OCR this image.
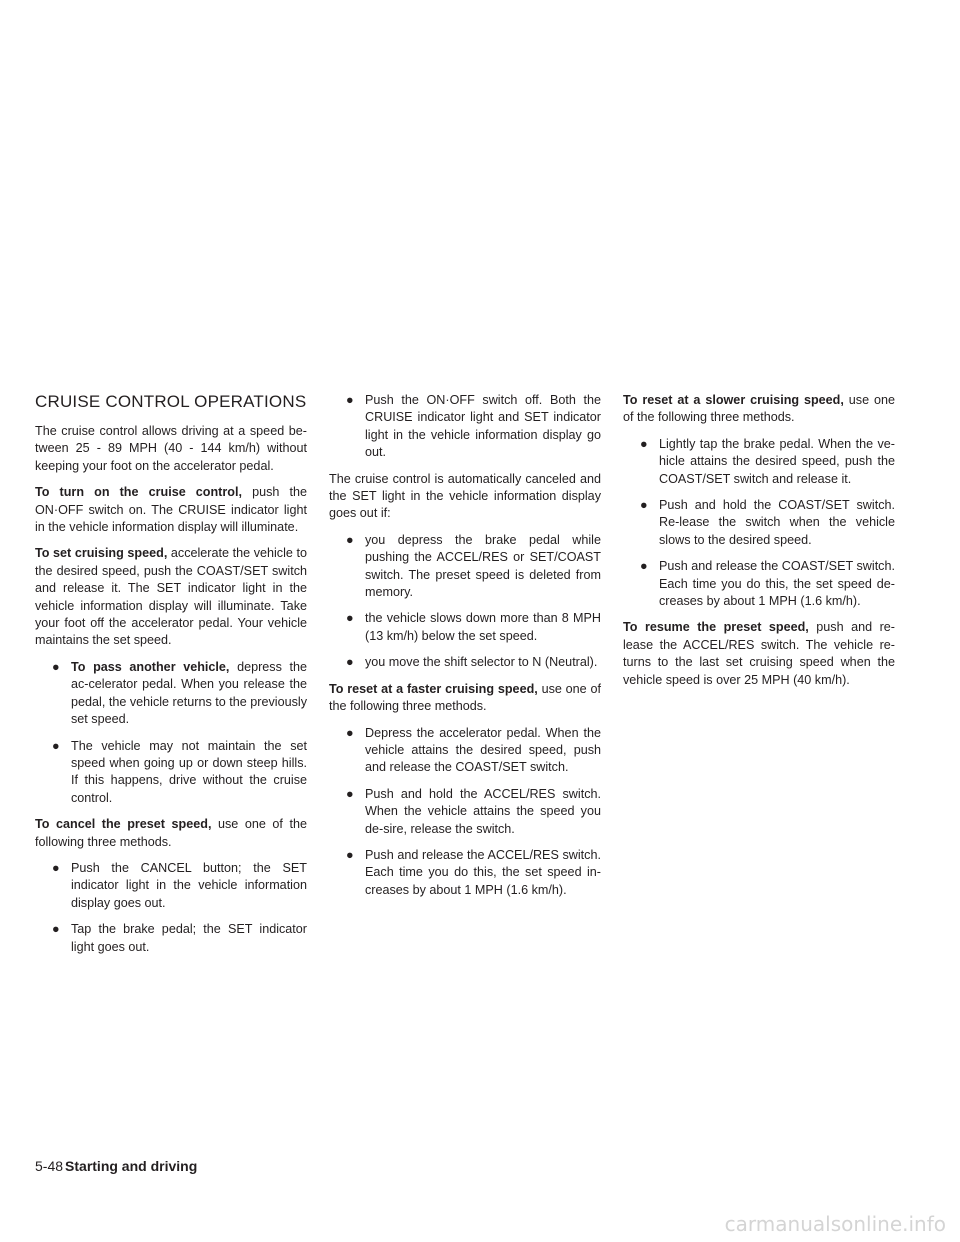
CRUISE CONTROL OPERATIONS

The cruise control allows driving at a speed be-tween 25 - 89 MPH (40 - 144 km/h) without keeping your foot on the accelerator pedal.

To turn on the cruise control, push the ON·OFF switch on. The CRUISE indicator light in the vehicle information display will illuminate.

To set cruising speed, accelerate the vehicle to the desired speed, push the COAST/SET switch and release it. The SET indicator light in the vehicle information display will illuminate. Take your foot off the accelerator pedal. Your vehicle maintains the set speed.

● To pass another vehicle, depress the ac-celerator pedal. When you release the pedal, the vehicle returns to the previously set speed.
● The vehicle may not maintain the set speed when going up or down steep hills. If this happens, drive without the cruise control.

To cancel the preset speed, use one of the following three methods.

● Push the CANCEL button; the SET indicator light in the vehicle information display goes out.
● Tap the brake pedal; the SET indicator light goes out.
● Push the ON·OFF switch off. Both the CRUISE indicator light and SET indicator light in the vehicle information display go out.

The cruise control is automatically canceled and the SET light in the vehicle information display goes out if:

● you depress the brake pedal while pushing the ACCEL/RES or SET/COAST switch. The preset speed is deleted from memory.
● the vehicle slows down more than 8 MPH (13 km/h) below the set speed.
● you move the shift selector to N (Neutral).

To reset at a faster cruising speed, use one of the following three methods.

● Depress the accelerator pedal. When the vehicle attains the desired speed, push and release the COAST/SET switch.
● Push and hold the ACCEL/RES switch. When the vehicle attains the speed you de-sire, release the switch.
● Push and release the ACCEL/RES switch. Each time you do this, the set speed in-creases by about 1 MPH (1.6 km/h).

To reset at a slower cruising speed, use one of the following three methods.

● Lightly tap the brake pedal. When the ve-hicle attains the desired speed, push the COAST/SET switch and release it.
● Push and hold the COAST/SET switch. Re-lease the switch when the vehicle slows to the desired speed.
● Push and release the COAST/SET switch. Each time you do this, the set speed de-creases by about 1 MPH (1.6 km/h).

To resume the preset speed, push and re-lease the ACCEL/RES switch. The vehicle re-turns to the last set cruising speed when the vehicle speed is over 25 MPH (40 km/h).

5-48 Starting and driving
carmanualsonline.info
